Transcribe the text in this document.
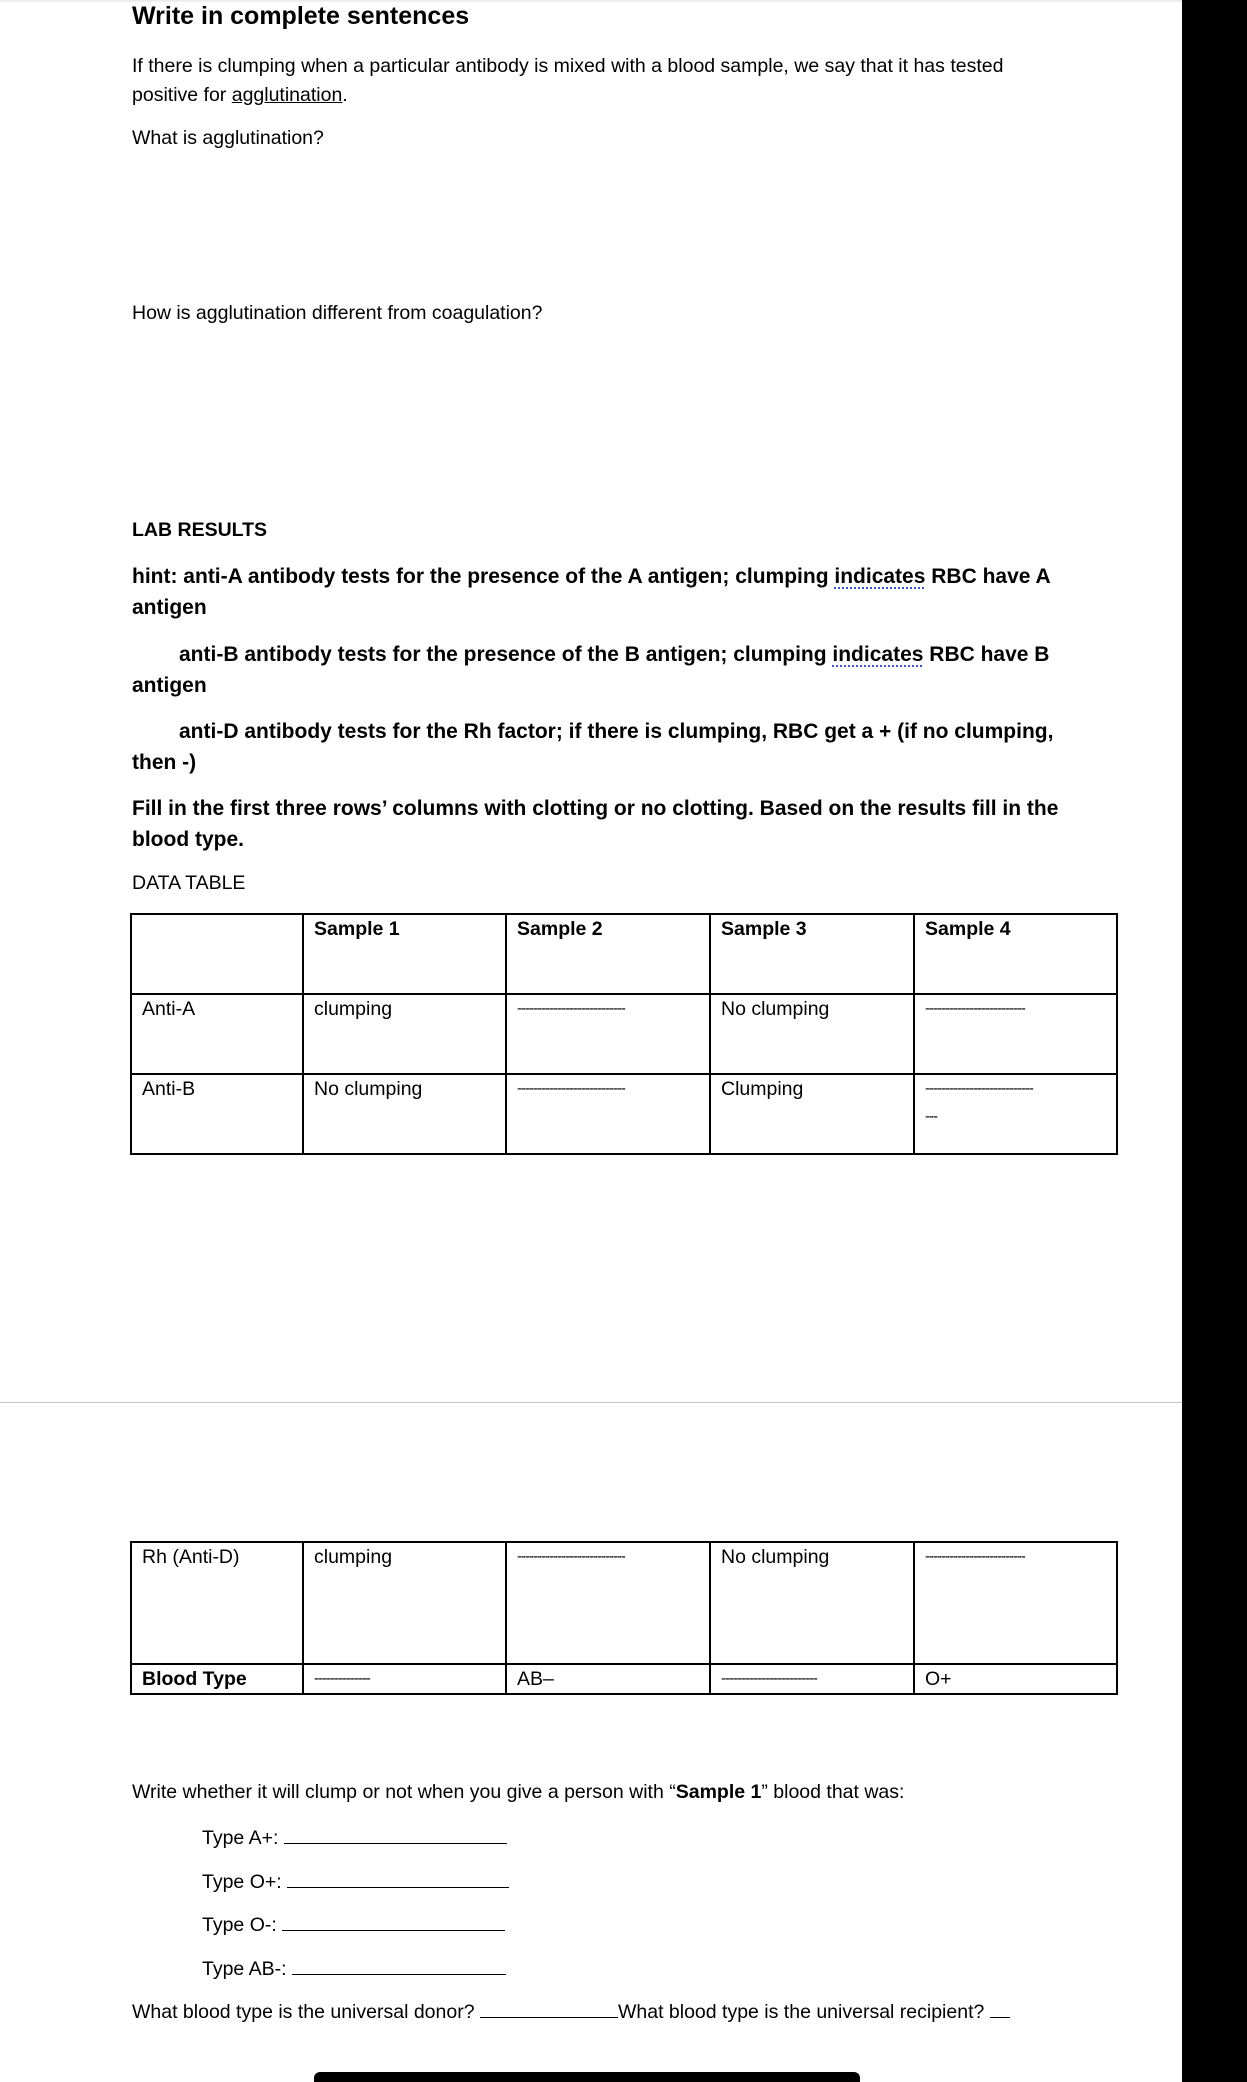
Write in complete sentences
If there is clumping when a particular antibody is mixed with a blood sample, we say that it has tested
positive for agglutination.
What is agglutination?
How is agglutination different from coagulation?
LAB RESULTS
hint: anti-A antibody tests for the presence of the A antigen; clumping indicates RBC have A
antigen
anti-B antibody tests for the presence of the B antigen; clumping indicates RBC have B
antigen
anti-D antibody tests for the Rh factor; if there is clumping, RBC get a + (if no clumping,
then -)
Fill in the first three rows’ columns with clotting or no clotting. Based on the results fill in the
blood type.
DATA TABLE
	Sample 1	Sample 2	Sample 3	Sample 4
Anti-A	clumping	---------------------------	No clumping	-------------------------
Anti-B	No clumping	---------------------------	Clumping	---------------------------
---
Rh (Anti-D)	clumping	---------------------------	No clumping	-------------------------
Blood Type	--------------	AB–	------------------------	O+
Write whether it will clump or not when you give a person with “Sample 1” blood that was:
Type A+:
Type O+:
Type O-:
Type AB-:
What blood type is the universal donor?	What blood type is the universal recipient?
